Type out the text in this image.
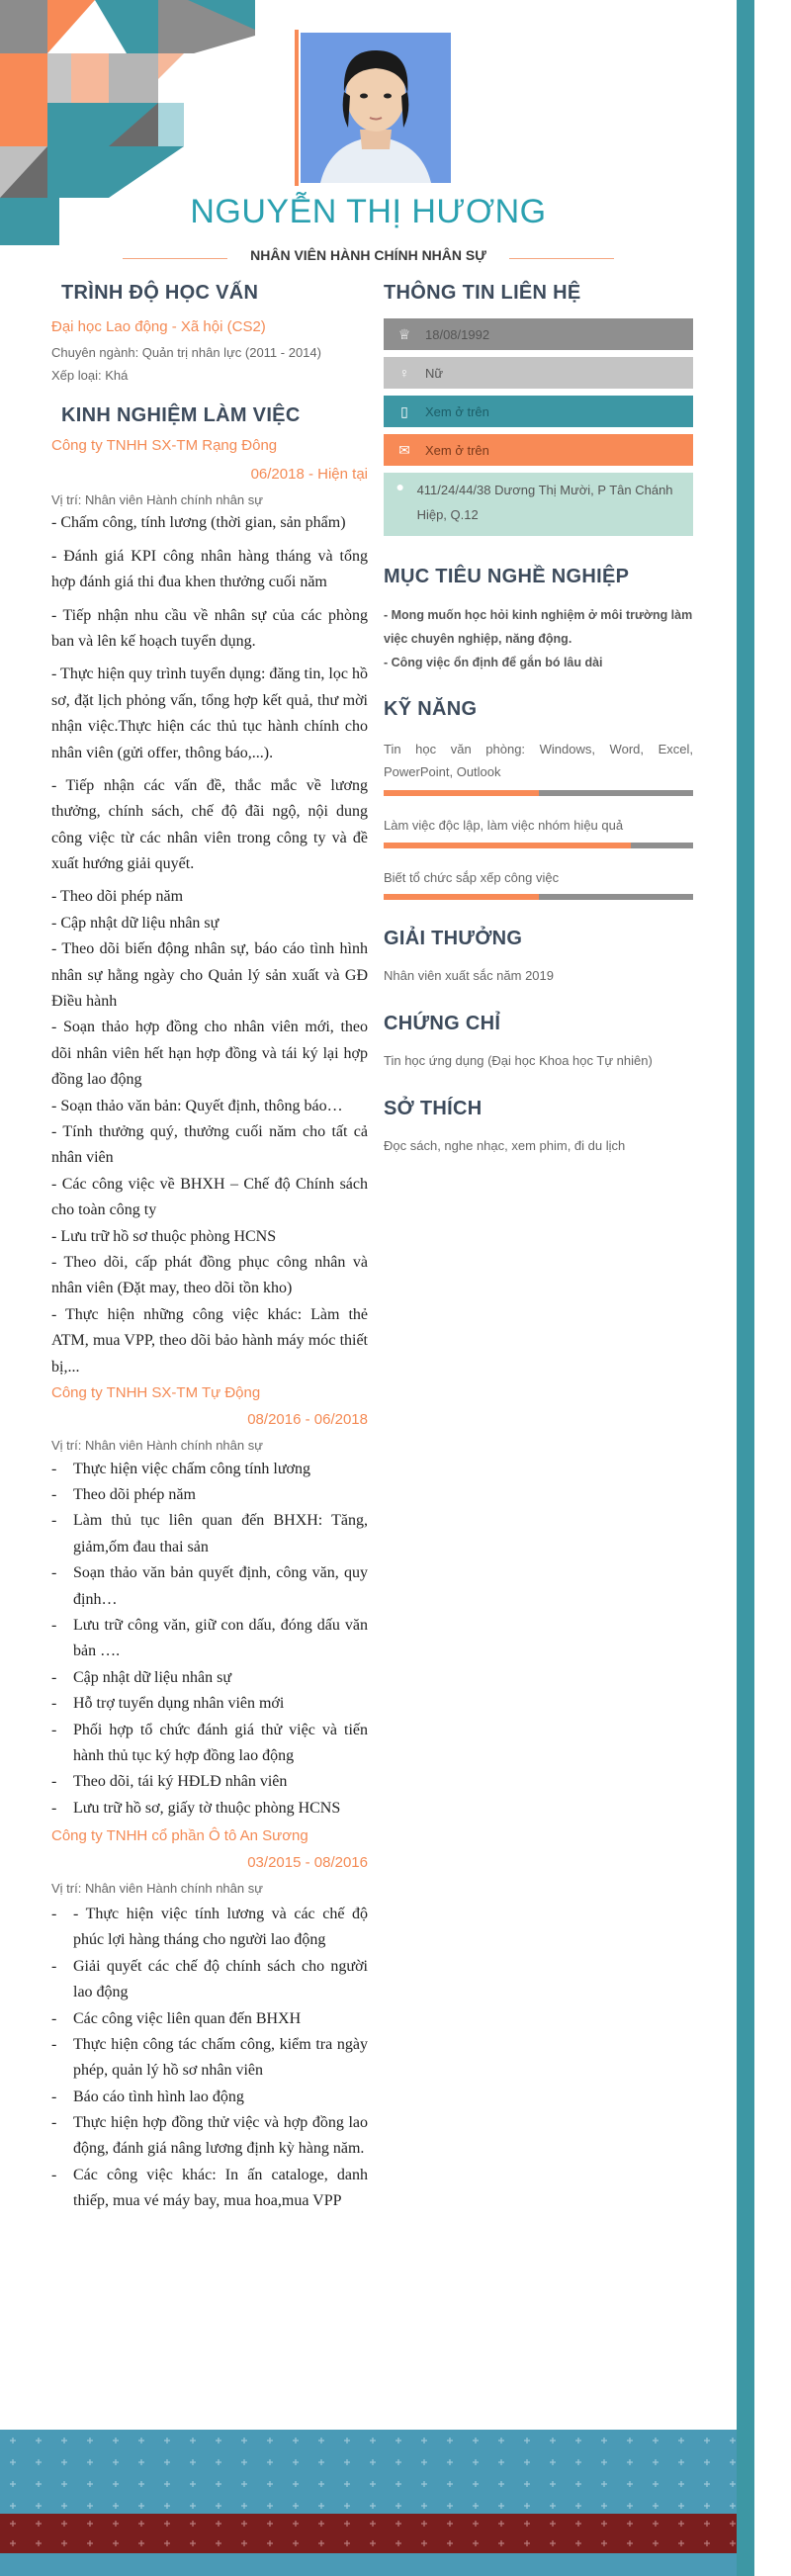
NGUYỄN THỊ HƯƠNG
NHÂN VIÊN HÀNH CHÍNH NHÂN SỰ
TRÌNH ĐỘ HỌC VẤN
Đại học Lao động - Xã hội (CS2)
Chuyên ngành: Quản trị nhân lực (2011 - 2014)
Xếp loại: Khá
KINH NGHIỆM LÀM VIỆC
Công ty TNHH SX-TM Rạng Đông
06/2018 - Hiện tại
Vị trí: Nhân viên Hành chính nhân sự

- Chấm công, tính lương (thời gian, sản phẩm)

- Đánh giá KPI công nhân hàng tháng và tổng hợp đánh giá thi đua khen thưởng cuối năm

- Tiếp nhận nhu cầu về nhân sự của các phòng ban và lên kế hoạch tuyển dụng.

- Thực hiện quy trình tuyển dụng: đăng tin, lọc hồ sơ, đặt lịch phỏng vấn, tổng hợp kết quả, thư mời nhận việc.Thực hiện các thủ tục hành chính cho nhân viên (gửi offer, thông báo,...).

- Tiếp nhận các vấn đề, thắc mắc về lương thưởng, chính sách, chế độ đãi ngộ, nội dung công việc từ các nhân viên trong công ty và đề xuất hướng giải quyết.

- Theo dõi phép năm

- Cập nhật dữ liệu nhân sự

- Theo dõi biến động nhân sự, báo cáo tình hình nhân sự hằng ngày cho Quản lý sản xuất và GĐ Điều hành

- Soạn thảo hợp đồng cho nhân viên mới, theo dõi nhân viên hết hạn hợp đồng và tái ký lại hợp đồng lao động

- Soạn thảo văn bản: Quyết định, thông báo…

- Tính thưởng quý, thưởng cuối năm cho tất cả nhân viên

- Các công việc về BHXH – Chế độ Chính sách cho toàn công ty

- Lưu trữ hồ sơ thuộc phòng HCNS

- Theo dõi, cấp phát đồng phục công nhân và nhân viên (Đặt may, theo dõi tồn kho)

- Thực hiện những công việc khác: Làm thẻ ATM, mua VPP, theo dõi bảo hành máy móc thiết bị,...

Công ty TNHH SX-TM Tự Động
08/2016 - 06/2018
Vị trí: Nhân viên Hành chính nhân sự
-	Thực hiện việc chấm công tính lương
-	Theo dõi phép năm
-	Làm thủ tục liên quan đến BHXH: Tăng, giảm,ốm đau thai sản
-	Soạn thảo văn bản quyết định, công văn, quy định…
-	Lưu trữ công văn, giữ con dấu, đóng dấu văn bản ….
-	Cập nhật dữ liệu nhân sự
-	Hỗ trợ tuyển dụng nhân viên mới
-	Phối hợp tổ chức đánh giá thử việc và tiến hành thủ tục ký hợp đồng lao động
-	Theo dõi, tái ký HĐLĐ nhân viên
-	Lưu trữ hồ sơ, giấy tờ thuộc phòng HCNS
Công ty TNHH cổ phần Ô tô An Sương
03/2015 - 08/2016
Vị trí: Nhân viên Hành chính nhân sự
-	- Thực hiện việc tính lương và các chế độ phúc lợi hàng tháng cho người lao động
-	Giải quyết các chế độ chính sách cho người lao động
-	Các công việc liên quan đến BHXH
-	Thực hiện công tác chấm công, kiểm tra ngày phép, quản lý hồ sơ nhân viên
-	Báo cáo tình hình lao động
-	Thực hiện hợp đồng thử việc và hợp đồng lao động, đánh giá nâng lương định kỳ hàng năm.
-	Các công việc khác: In ấn cataloge, danh thiếp, mua vé máy bay, mua hoa,mua VPP
THÔNG TIN LIÊN HỆ
♕	18/08/1992
♀	Nữ
▯	Xem ở trên
✉	Xem ở trên
● 411/24/44/38 Dương Thị Mười, P Tân Chánh Hiệp, Q.12
MỤC TIÊU NGHỀ NGHIỆP
- Mong muốn học hỏi kinh nghiệm ở môi trường làm việc chuyên nghiệp, năng động.
- Công việc ổn định để gắn bó lâu dài
KỸ NĂNG
Tin học văn phòng: Windows, Word, Excel, PowerPoint, Outlook
Làm việc độc lập, làm việc nhóm hiệu quả
Biết tổ chức sắp xếp công việc
GIẢI THƯỞNG
Nhân viên xuất sắc năm 2019
CHỨNG CHỈ
Tin học ứng dụng (Đại học Khoa học Tự nhiên)
SỞ THÍCH
Đọc sách, nghe nhạc, xem phim, đi du lịch
